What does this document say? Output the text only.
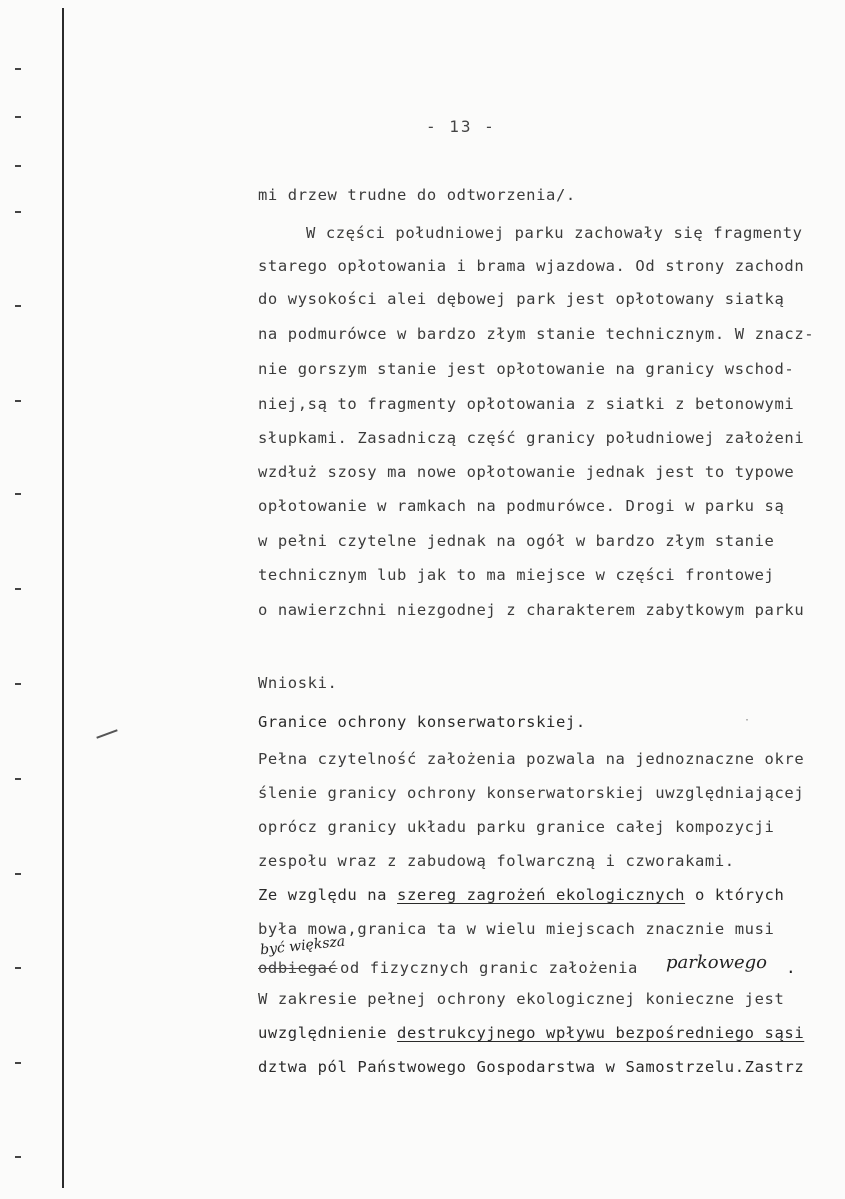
·
- 13 -
mi drzew trudne do odtworzenia/.
W części południowej parku zachowały się fragmenty
starego opłotowania i brama wjazdowa. Od strony zachodn
do wysokości alei dębowej park jest opłotowany siatką
na podmurówce w bardzo złym stanie technicznym. W znacz-
nie gorszym stanie jest opłotowanie na granicy wschod-
niej,są to fragmenty opłotowania z siatki z betonowymi
słupkami. Zasadniczą część granicy południowej założeni
wzdłuż szosy ma nowe opłotowanie jednak jest to typowe
opłotowanie w ramkach na podmurówce. Drogi w parku są
w pełni czytelne jednak na ogół w bardzo złym stanie
technicznym lub jak to ma miejsce w części frontowej
o nawierzchni niezgodnej z charakterem zabytkowym parku
Wnioski.
Granice ochrony konserwatorskiej.
Pełna czytelność założenia pozwala na jednoznaczne okre
ślenie granicy ochrony konserwatorskiej uwzględniającej
oprócz granicy układu parku granice całej kompozycji
zespołu wraz z zabudową folwarczną i czworakami.
Ze względu na szereg zagrożeń ekologicznych o których
była mowa,granica ta w wielu miejscach znacznie musi
być większa
odbiegać od fizycznych granic założenia parkowego .
W zakresie pełnej ochrony ekologicznej konieczne jest
uwzględnienie destrukcyjnego wpływu bezpośredniego sąsi
dztwa pól Państwowego Gospodarstwa w Samostrzelu.Zastrz
